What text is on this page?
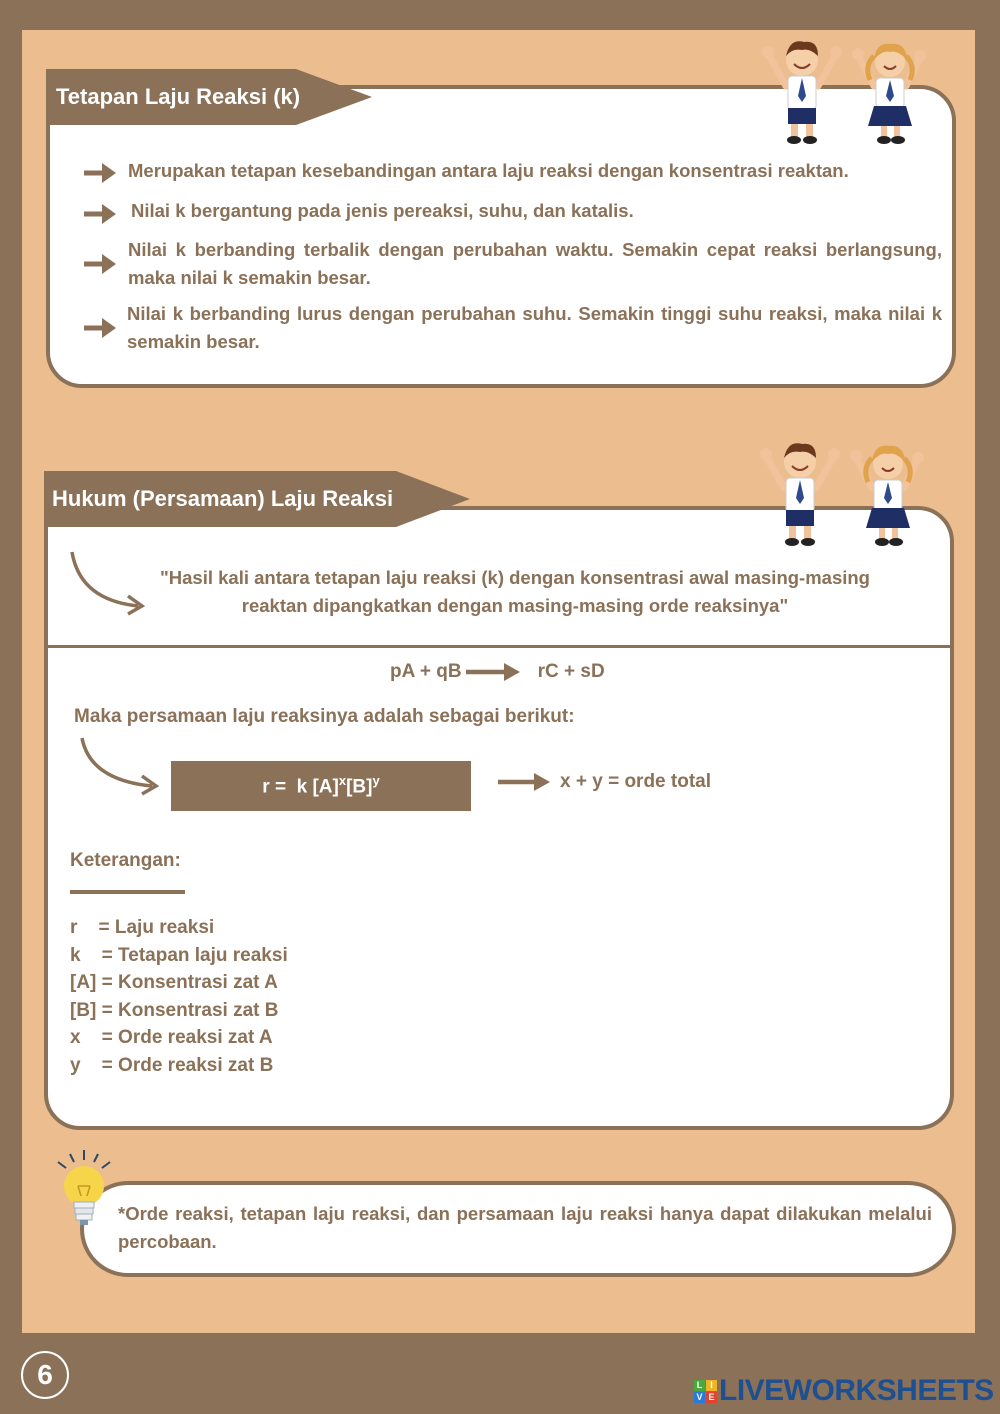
Tetapan Laju Reaksi (k)

Merupakan tetapan kesebandingan antara laju reaksi dengan konsentrasi reaktan.

Nilai k bergantung pada jenis pereaksi, suhu, dan katalis.

Nilai k berbanding terbalik dengan perubahan waktu. Semakin cepat reaksi berlangsung, maka nilai k semakin besar.

Nilai k berbanding lurus dengan perubahan suhu. Semakin tinggi suhu reaksi, maka nilai k semakin besar.

Hukum (Persamaan) Laju Reaksi
"Hasil kali antara tetapan laju reaksi (k) dengan konsentrasi awal masing-masing reaktan dipangkatkan dengan masing-masing orde reaksinya"
pA + qB	rC + sD
Maka persamaan laju reaksinya adalah sebagai berikut:
r =  k $[A]^x[B]^y$	x + y = orde total
Keterangan:
r    = Laju reaksi
k    = Tetapan laju reaksi
[A] = Konsentrasi zat A
[B] = Konsentrasi zat B
x    = Orde reaksi zat A
y    = Orde reaksi zat B
*Orde reaksi, tetapan laju reaksi, dan persamaan laju reaksi hanya dapat dilakukan melalui percobaan.
6	L I
V E LIVEWORKSHEETS
